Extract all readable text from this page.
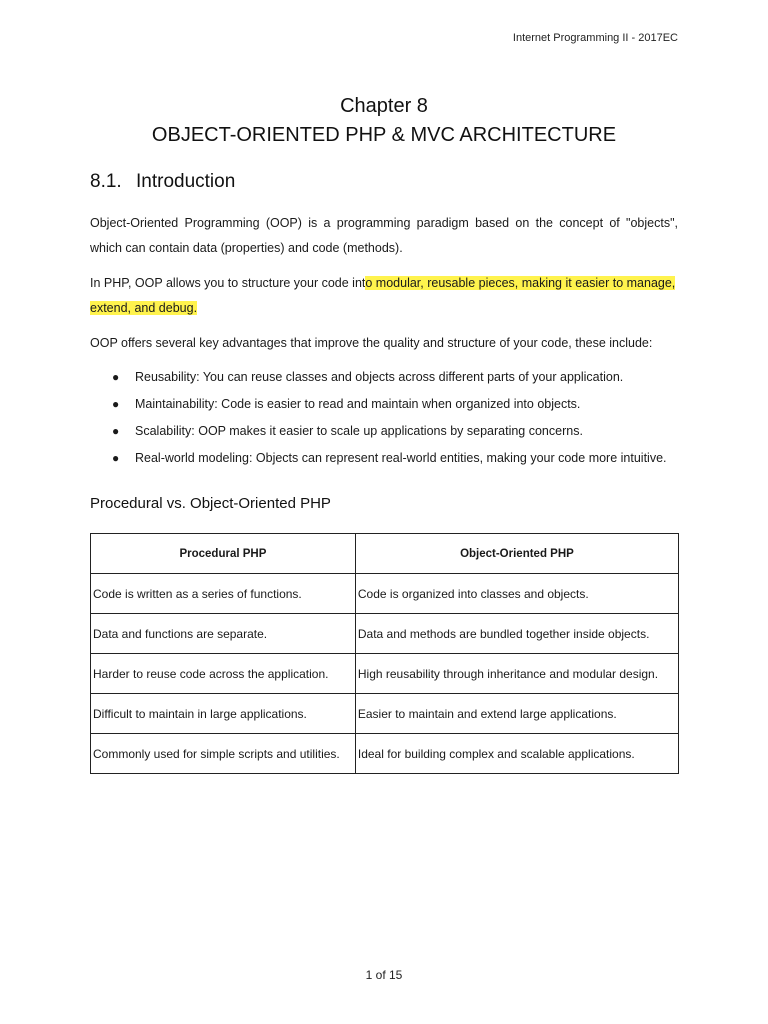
Internet Programming II - 2017EC
Chapter 8
OBJECT-ORIENTED PHP & MVC ARCHITECTURE
8.1. Introduction
Object-Oriented Programming (OOP) is a programming paradigm based on the concept of "objects", which can contain data (properties) and code (methods).
In PHP, OOP allows you to structure your code into modular, reusable pieces, making it easier to manage, extend, and debug.
OOP offers several key advantages that improve the quality and structure of your code, these include:
●	Reusability: You can reuse classes and objects across different parts of your application.
●	Maintainability: Code is easier to read and maintain when organized into objects.
●	Scalability: OOP makes it easier to scale up applications by separating concerns.
●	Real-world modeling: Objects can represent real-world entities, making your code more intuitive.
Procedural vs. Object-Oriented PHP
Procedural PHP	Object-Oriented PHP
Code is written as a series of functions.	Code is organized into classes and objects.
Data and functions are separate.	Data and methods are bundled together inside objects.
Harder to reuse code across the application.	High reusability through inheritance and modular design.
Difficult to maintain in large applications.	Easier to maintain and extend large applications.
Commonly used for simple scripts and utilities.	Ideal for building complex and scalable applications.
1 of 15
